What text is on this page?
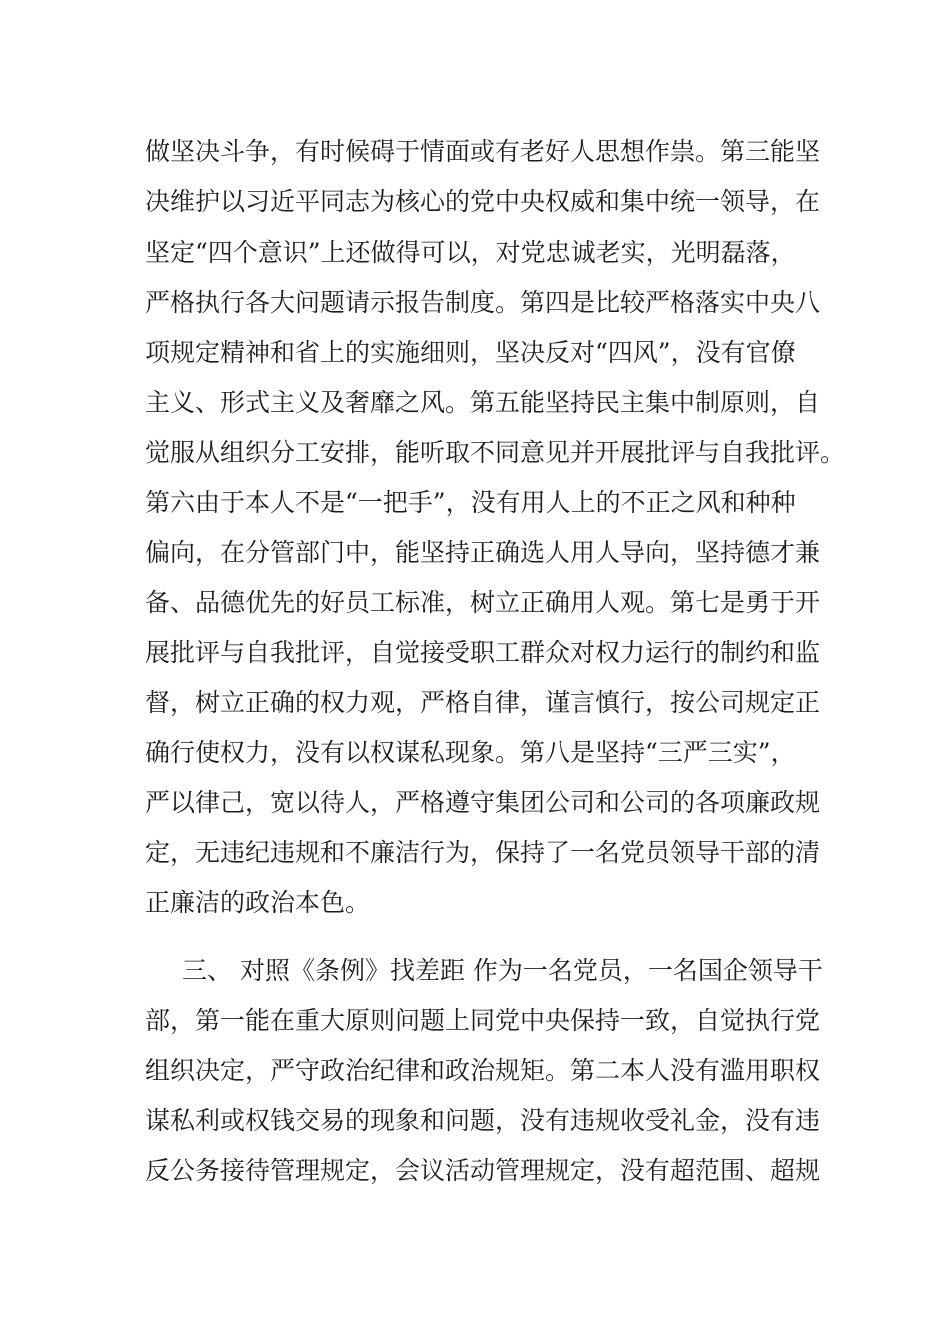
做坚决斗争，有时候碍于情面或有老好人思想作祟。第三能坚
决维护以习近平同志为核心的党中央权威和集中统一领导，在
坚定“四个意识”上还做得可以，对党忠诚老实，光明磊落，
严格执行各大问题请示报告制度。第四是比较严格落实中央八
项规定精神和省上的实施细则，坚决反对“四风”，没有官僚
主义、形式主义及奢靡之风。第五能坚持民主集中制原则，自
觉服从组织分工安排，能听取不同意见并开展批评与自我批评。
第六由于本人不是“一把手”，没有用人上的不正之风和种种
偏向，在分管部门中，能坚持正确选人用人导向，坚持德才兼
备、品德优先的好员工标准，树立正确用人观。第七是勇于开
展批评与自我批评，自觉接受职工群众对权力运行的制约和监
督，树立正确的权力观，严格自律，谨言慎行，按公司规定正
确行使权力，没有以权谋私现象。第八是坚持“三严三实”，
严以律己，宽以待人，严格遵守集团公司和公司的各项廉政规
定，无违纪违规和不廉洁行为，保持了一名党员领导干部的清
正廉洁的政治本色。
三、 对照《条例》找差距 作为一名党员，一名国企领导干
部，第一能在重大原则问题上同党中央保持一致，自觉执行党
组织决定，严守政治纪律和政治规矩。第二本人没有滥用职权
谋私利或权钱交易的现象和问题，没有违规收受礼金，没有违
反公务接待管理规定，会议活动管理规定，没有超范围、超规
